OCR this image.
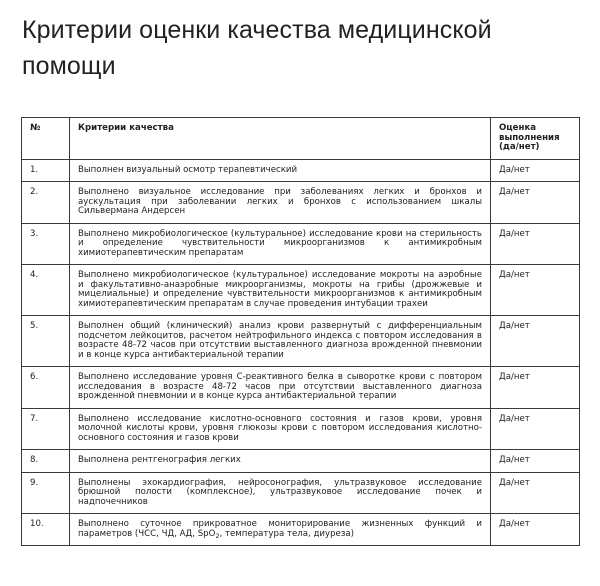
Критерии оценки качества медицинской помощи
№	Критерии качества	Оценка выполнения (да/нет)
1.	Выполнен визуальный осмотр терапевтический	Да/нет
2.	Выполнено визуальное исследование при заболеваниях легких и бронхов и аускультация при заболевании легких и бронхов с использованием шкалы Сильвермана Андерсен	Да/нет
3.	Выполнено микробиологическое (культуральное) исследование крови на стерильность и определение чувствительности микроорганизмов к антимикробным химиотерапевтическим препаратам	Да/нет
4.	Выполнено микробиологическое (культуральное) исследование мокроты на аэробные и факультативно-анаэробные микроорганизмы, мокроты на грибы (дрожжевые и мицелиальные) и определение чувствительности микроорганизмов к антимикробным химиотерапевтическим препаратам в случае проведения интубации трахеи	Да/нет
5.	Выполнен общий (клинический) анализ крови развернутый с дифференциальным подсчетом лейкоцитов, расчетом нейтрофильного индекса с повтором исследования в возрасте 48-72 часов при отсутствии выставленного диагноза врожденной пневмонии и в конце курса антибактериальной терапии	Да/нет
6.	Выполнено исследование уровня С-реактивного белка в сыворотке крови с повтором исследования в возрасте 48-72 часов при отсутствии выставленного диагноза врожденной пневмонии и в конце курса антибактериальной терапии	Да/нет
7.	Выполнено исследование кислотно-основного состояния и газов крови, уровня молочной кислоты крови, уровня глюкозы крови с повтором исследования кислотно-основного состояния и газов крови	Да/нет
8.	Выполнена рентгенография легких	Да/нет
9.	Выполнены эхокардиография, нейросонография, ультразвуковое исследование брюшной полости (комплексное), ультразвуковое исследование почек и надпочечников	Да/нет
10.	Выполнено суточное прикроватное мониторирование жизненных функций и параметров (ЧСС, ЧД, АД, SpO$_2$, температура тела, диуреза)	Да/нет
